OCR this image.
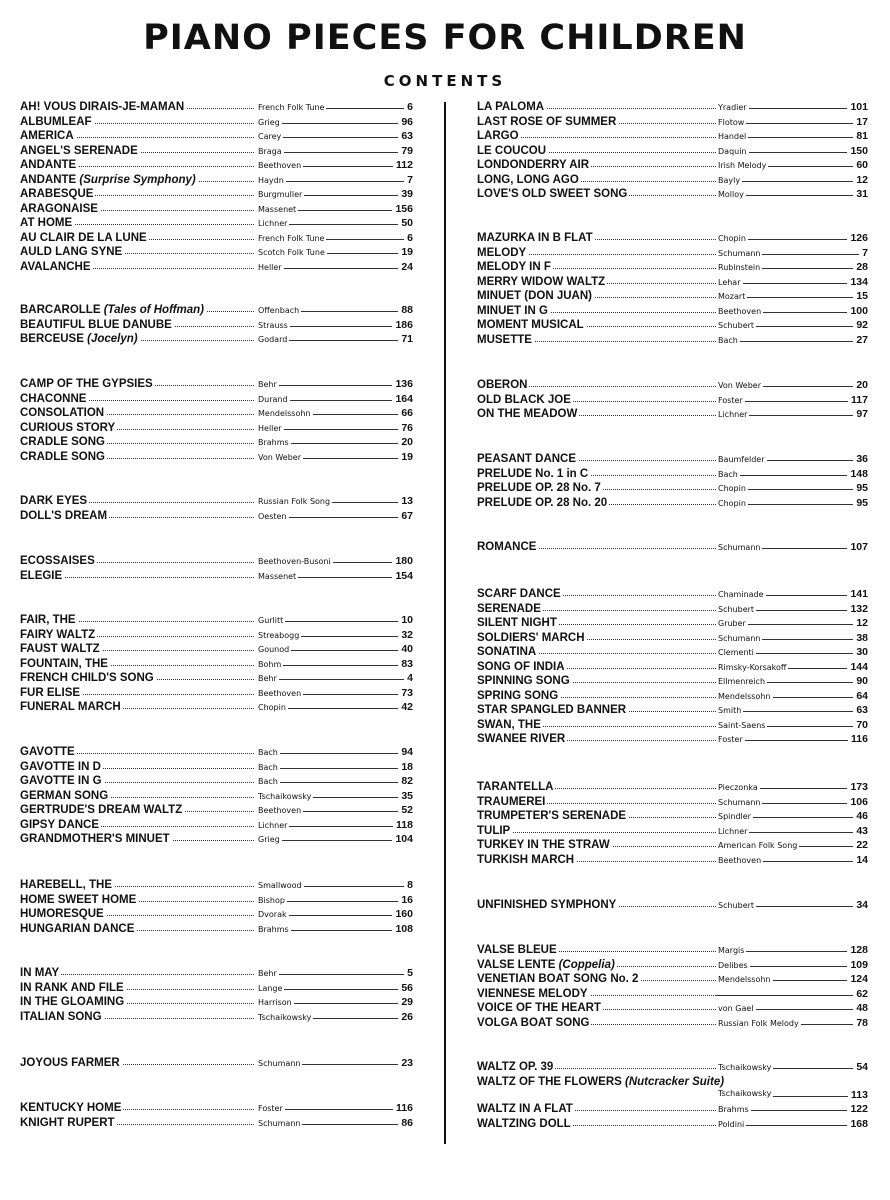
PIANO PIECES FOR CHILDREN
CONTENTS
AH! VOUS DIRAIS-JE-MAMAN	French Folk Tune	6
ALBUMLEAF	Grieg	96
AMERICA	Carey	63
ANGEL'S SERENADE	Braga	79
ANDANTE	Beethoven	112
ANDANTE (Surprise Symphony)	Haydn	7
ARABESQUE	Burgmuller	39
ARAGONAISE	Massenet	156
AT HOME	Lichner	50
AU CLAIR DE LA LUNE	French Folk Tune	6
AULD LANG SYNE	Scotch Folk Tune	19
AVALANCHE	Heller	24
BARCAROLLE (Tales of Hoffman)	Offenbach	88
BEAUTIFUL BLUE DANUBE	Strauss	186
BERCEUSE (Jocelyn)	Godard	71
CAMP OF THE GYPSIES	Behr	136
CHACONNE	Durand	164
CONSOLATION	Mendelssohn	66
CURIOUS STORY	Heller	76
CRADLE SONG	Brahms	20
CRADLE SONG	Von Weber	19
DARK EYES	Russian Folk Song	13
DOLL'S DREAM	Oesten	67
ECOSSAISES	Beethoven-Busoni	180
ELEGIE	Massenet	154
FAIR, THE	Gurlitt	10
FAIRY WALTZ	Streabogg	32
FAUST WALTZ	Gounod	40
FOUNTAIN, THE	Bohm	83
FRENCH CHILD'S SONG	Behr	4
FUR ELISE	Beethoven	73
FUNERAL MARCH	Chopin	42
GAVOTTE	Bach	94
GAVOTTE IN D	Bach	18
GAVOTTE IN G	Bach	82
GERMAN SONG	Tschaikowsky	35
GERTRUDE'S DREAM WALTZ	Beethoven	52
GIPSY DANCE	Lichner	118
GRANDMOTHER'S MINUET	Grieg	104
HAREBELL, THE	Smallwood	8
HOME SWEET HOME	Bishop	16
HUMORESQUE	Dvorak	160
HUNGARIAN DANCE	Brahms	108
IN MAY	Behr	5
IN RANK AND FILE	Lange	56
IN THE GLOAMING	Harrison	29
ITALIAN SONG	Tschaikowsky	26
JOYOUS FARMER	Schumann	23
KENTUCKY HOME	Foster	116
KNIGHT RUPERT	Schumann	86
LA PALOMA	Yradier	101
LAST ROSE OF SUMMER	Flotow	17
LARGO	Handel	81
LE COUCOU	Daquin	150
LONDONDERRY AIR	Irish Melody	60
LONG, LONG AGO	Bayly	12
LOVE'S OLD SWEET SONG	Molloy	31
MAZURKA IN B FLAT	Chopin	126
MELODY	Schumann	7
MELODY IN F	Rubinstein	28
MERRY WIDOW WALTZ	Lehar	134
MINUET (DON JUAN)	Mozart	15
MINUET IN G	Beethoven	100
MOMENT MUSICAL	Schubert	92
MUSETTE	Bach	27
OBERON	Von Weber	20
OLD BLACK JOE	Foster	117
ON THE MEADOW	Lichner	97
PEASANT DANCE	Baumfelder	36
PRELUDE No. 1 in C	Bach	148
PRELUDE OP. 28 No. 7	Chopin	95
PRELUDE OP. 28 No. 20	Chopin	95
ROMANCE	Schumann	107
SCARF DANCE	Chaminade	141
SERENADE	Schubert	132
SILENT NIGHT	Gruber	12
SOLDIERS' MARCH	Schumann	38
SONATINA	Clementi	30
SONG OF INDIA	Rimsky-Korsakoff	144
SPINNING SONG	Ellmenreich	90
SPRING SONG	Mendelssohn	64
STAR SPANGLED BANNER	Smith	63
SWAN, THE	Saint-Saens	70
SWANEE RIVER	Foster	116
TARANTELLA	Pieczonka	173
TRAUMEREI	Schumann	106
TRUMPETER'S SERENADE	Spindler	46
TULIP	Lichner	43
TURKEY IN THE STRAW	American Folk Song	22
TURKISH MARCH	Beethoven	14
UNFINISHED SYMPHONY	Schubert	34
VALSE BLEUE	Margis	128
VALSE LENTE (Coppelia)	Delibes	109
VENETIAN BOAT SONG No. 2	Mendelssohn	124
VIENNESE MELODY	62
VOICE OF THE HEART	von Gael	48
VOLGA BOAT SONG	Russian Folk Melody	78
WALTZ OP. 39	Tschaikowsky	54
WALTZ OF THE FLOWERS (Nutcracker Suite)
Tschaikowsky	113
WALTZ IN A FLAT	Brahms	122
WALTZING DOLL	Poldini	168
